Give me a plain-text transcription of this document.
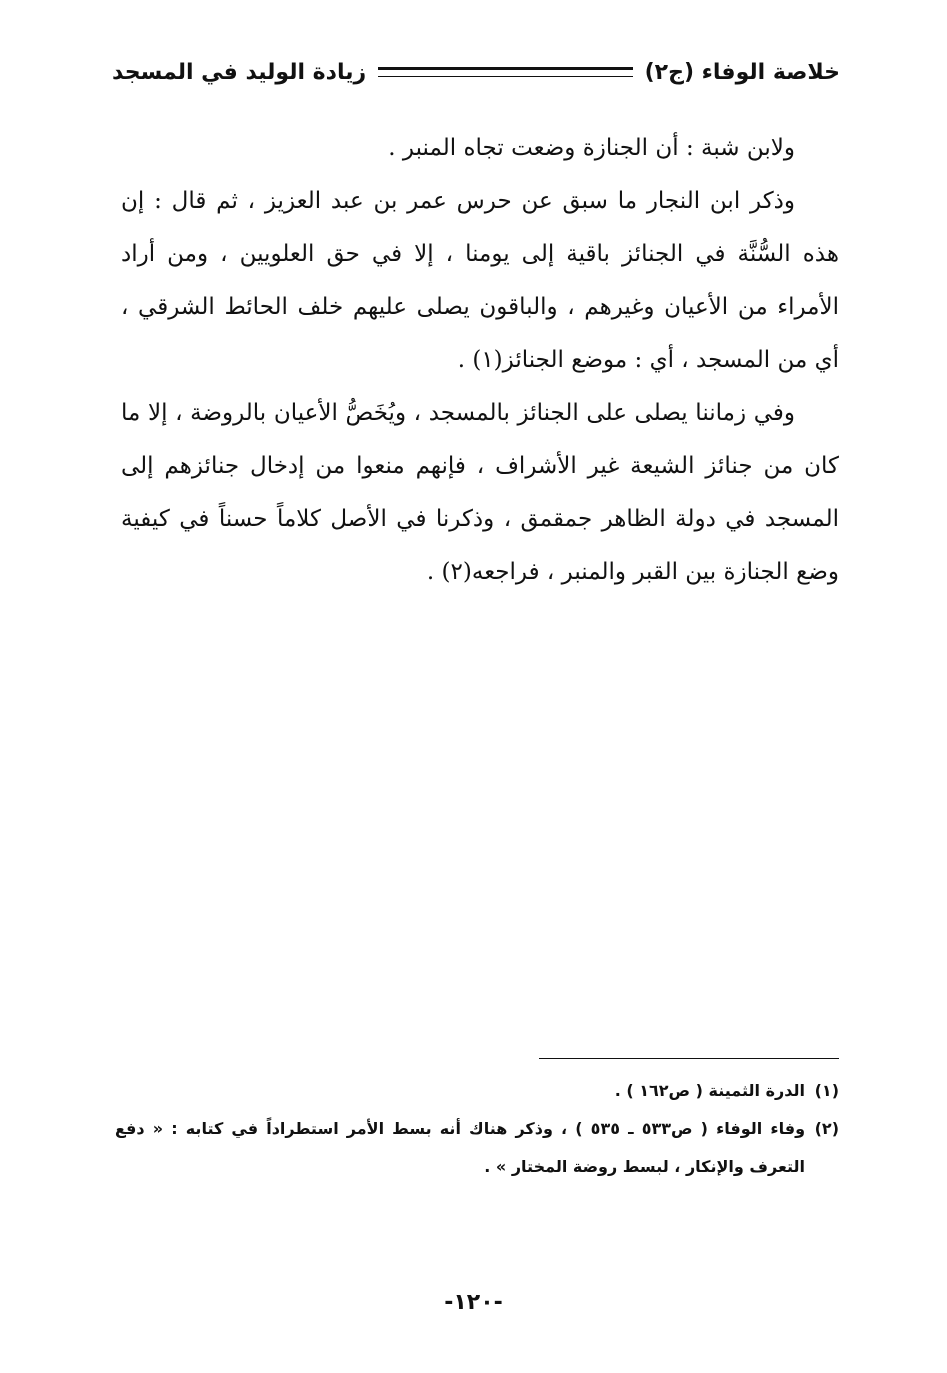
خلاصة الوفاء (ج٢)
زيادة الوليد في المسجد

ولابن شبة : أن الجنازة وضعت تجاه المنبر .

وذكر ابن النجار ما سبق عن حرس عمر بن عبد العزيز ، ثم قال : إن هذه السُّنَّة في الجنائز باقية إلى يومنا ، إلا في حق العلويين ، ومن أراد الأمراء من الأعيان وغيرهم ، والباقون يصلى عليهم خلف الحائط الشرقي ، أي من المسجد ، أي : موضع الجنائز(١) .

وفي زماننا يصلى على الجنائز بالمسجد ، ويُخَصُّ الأعيان بالروضة ، إلا ما كان من جنائز الشيعة غير الأشراف ، فإنهم منعوا من إدخال جنائزهم إلى المسجد في دولة الظاهر جمقمق ، وذكرنا في الأصل كلاماً حسناً في كيفية وضع الجنازة بين القبر والمنبر ، فراجعه(٢) .

(١)
الدرة الثمينة ( ص١٦٢ ) .
(٢)
وفاء الوفاء ( ص٥٣٣ ـ ٥٣٥ ) ، وذكر هناك أنه بسط الأمر استطراداً في كتابه : « دفع التعرف والإنكار ، لبسط روضة المختار » .
-١٢٠-
